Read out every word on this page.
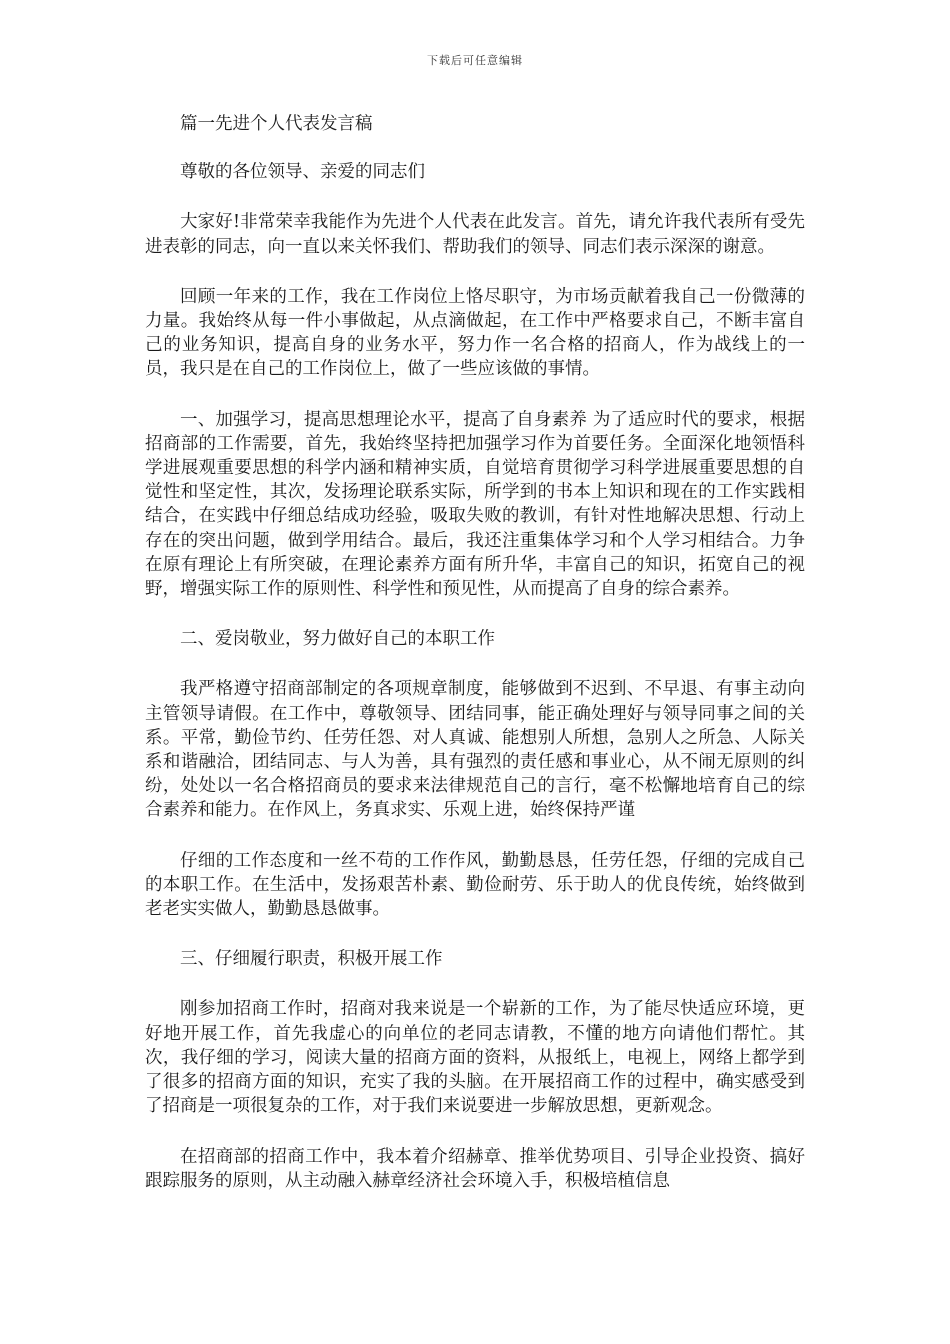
下载后可任意编辑

篇一先进个人代表发言稿

尊敬的各位领导、亲爱的同志们

大家好!非常荣幸我能作为先进个人代表在此发言。首先，请允许我代表所有受先进表彰的同志，向一直以来关怀我们、帮助我们的领导、同志们表示深深的谢意。

回顾一年来的工作，我在工作岗位上恪尽职守，为市场贡献着我自己一份微薄的力量。我始终从每一件小事做起，从点滴做起，在工作中严格要求自己，不断丰富自己的业务知识，提高自身的业务水平，努力作一名合格的招商人，作为战线上的一员，我只是在自己的工作岗位上，做了一些应该做的事情。

一、加强学习，提高思想理论水平，提高了自身素养 为了适应时代的要求，根据招商部的工作需要，首先，我始终坚持把加强学习作为首要任务。全面深化地领悟科学进展观重要思想的科学内涵和精神实质，自觉培育贯彻学习科学进展重要思想的自觉性和坚定性，其次，发扬理论联系实际，所学到的书本上知识和现在的工作实践相结合，在实践中仔细总结成功经验，吸取失败的教训，有针对性地解决思想、行动上存在的突出问题，做到学用结合。最后，我还注重集体学习和个人学习相结合。力争在原有理论上有所突破，在理论素养方面有所升华，丰富自己的知识，拓宽自己的视野，增强实际工作的原则性、科学性和预见性，从而提高了自身的综合素养。

二、爱岗敬业，努力做好自己的本职工作

我严格遵守招商部制定的各项规章制度，能够做到不迟到、不早退、有事主动向主管领导请假。在工作中，尊敬领导、团结同事，能正确处理好与领导同事之间的关系。平常，勤俭节约、任劳任怨、对人真诚、能想别人所想，急别人之所急、人际关系和谐融洽，团结同志、与人为善，具有强烈的责任感和事业心，从不闹无原则的纠纷，处处以一名合格招商员的要求来法律规范自己的言行，毫不松懈地培育自己的综合素养和能力。在作风上，务真求实、乐观上进，始终保持严谨

仔细的工作态度和一丝不苟的工作作风，勤勤恳恳，任劳任怨，仔细的完成自己的本职工作。在生活中，发扬艰苦朴素、勤俭耐劳、乐于助人的优良传统，始终做到老老实实做人，勤勤恳恳做事。

三、仔细履行职责，积极开展工作

刚参加招商工作时，招商对我来说是一个崭新的工作，为了能尽快适应环境，更好地开展工作，首先我虚心的向单位的老同志请教，不懂的地方向请他们帮忙。其次，我仔细的学习，阅读大量的招商方面的资料，从报纸上，电视上，网络上都学到了很多的招商方面的知识，充实了我的头脑。在开展招商工作的过程中，确实感受到了招商是一项很复杂的工作，对于我们来说要进一步解放思想，更新观念。

在招商部的招商工作中，我本着介绍赫章、推举优势项目、引导企业投资、搞好跟踪服务的原则，从主动融入赫章经济社会环境入手，积极培植信息
